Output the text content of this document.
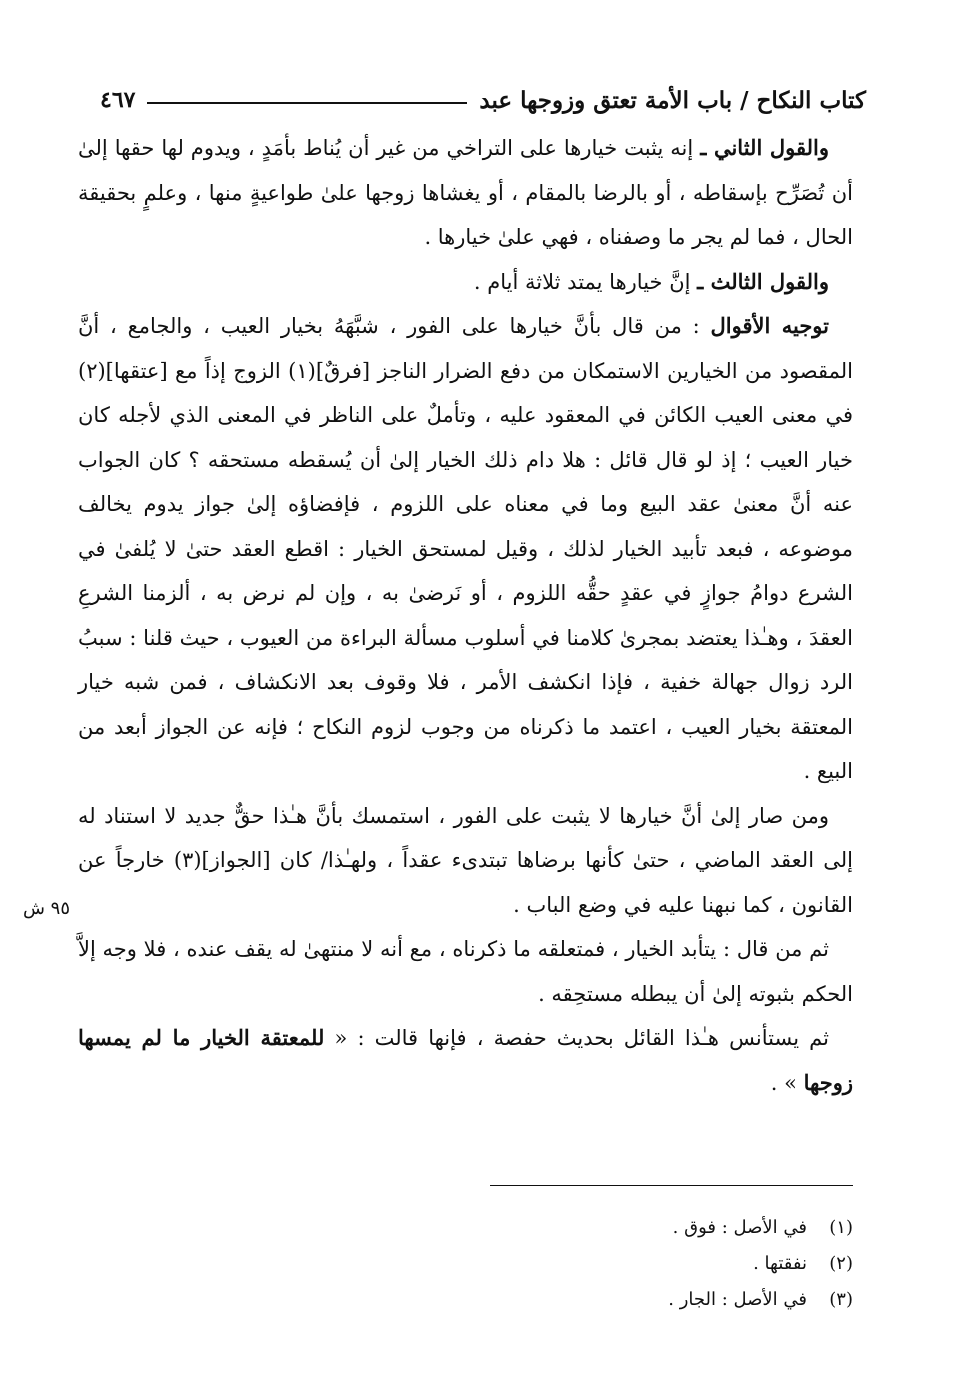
كتاب النكاح / باب الأمة تعتق وزوجها عبد
٤٦٧

والقول الثاني ـ إنه يثبت خيارها على التراخي من غير أن يُناط بأمَدٍ ، ويدوم لها حقها إلىٰ أن تُصَرِّح بإسقاطه ، أو بالرضا بالمقام ، أو يغشاها زوجها علىٰ طواعيةٍ منها ، وعلمٍ بحقيقة الحال ، فما لم يجر ما وصفناه ، فهي علىٰ خيارها .

والقول الثالث ـ إنَّ خيارها يمتد ثلاثة أيام .

توجيه الأقوال : من قال بأنَّ خيارها على الفور ، شبَّهَهُ بخيار العيب ، والجامع ، أنَّ المقصود من الخيارين الاستمكان من دفع الضرار الناجز [فرقٌ](١) الزوج إذاً مع [عتقها](٢) في معنى العيب الكائن في المعقود عليه ، وتأملٌ على الناظر في المعنى الذي لأجله كان خيار العيب ؛ إذ لو قال قائل : هلا دام ذلك الخيار إلىٰ أن يُسقطه مستحقه ؟ كان الجواب عنه أنَّ معنىٰ عقد البيع وما في معناه على اللزوم ، فإفضاؤه إلىٰ جواز يدوم يخالف موضوعه ، فبعد تأبيد الخيار لذلك ، وقيل لمستحق الخيار : اقطع العقد حتىٰ لا يُلفىٰ في الشرع دوامُ جوازٍ في عقدٍ حقُّه اللزوم ، أو نَرضىٰ به ، وإن لم نرض به ، ألزمنا الشرعِ العقدَ ، وهـٰذا يعتضد بمجرىٰ كلامنا في أسلوب مسألة البراءة من العيوب ، حيث قلنا : سببُ الرد زوال جهالة خفية ، فإذا انكشف الأمر ، فلا وقوف بعد الانكشاف ، فمن شبه خيار المعتقة بخيار العيب ، اعتمد ما ذكرناه من وجوب لزوم النكاح ؛ فإنه عن الجواز أبعد من البيع .

ومن صار إلىٰ أنَّ خيارها لا يثبت على الفور ، استمسك بأنَّ هـٰذا حقٌّ جديد لا استناد له إلى العقد الماضي ، حتىٰ كأنها برضاها تبتدىء عقداً ، ولهـٰذا/ كان [الجواز](٣) خارجاً عن القانون ، كما نبهنا عليه في وضع الباب .

ثم من قال : يتأبد الخيار ، فمتعلقه ما ذكرناه ، مع أنه لا منتهىٰ له يقف عنده ، فلا وجه إلاَّ الحكم بثبوته إلىٰ أن يبطله مستحِقه .

ثم يستأنس هـٰذا القائل بحديث حفصة ، فإنها قالت : « للمعتقة الخيار ما لم يمسها زوجها » .

٩٥ ش
(١)
في الأصل : فوق .
(٢)
نفقتها .
(٣)
في الأصل : الجار .
